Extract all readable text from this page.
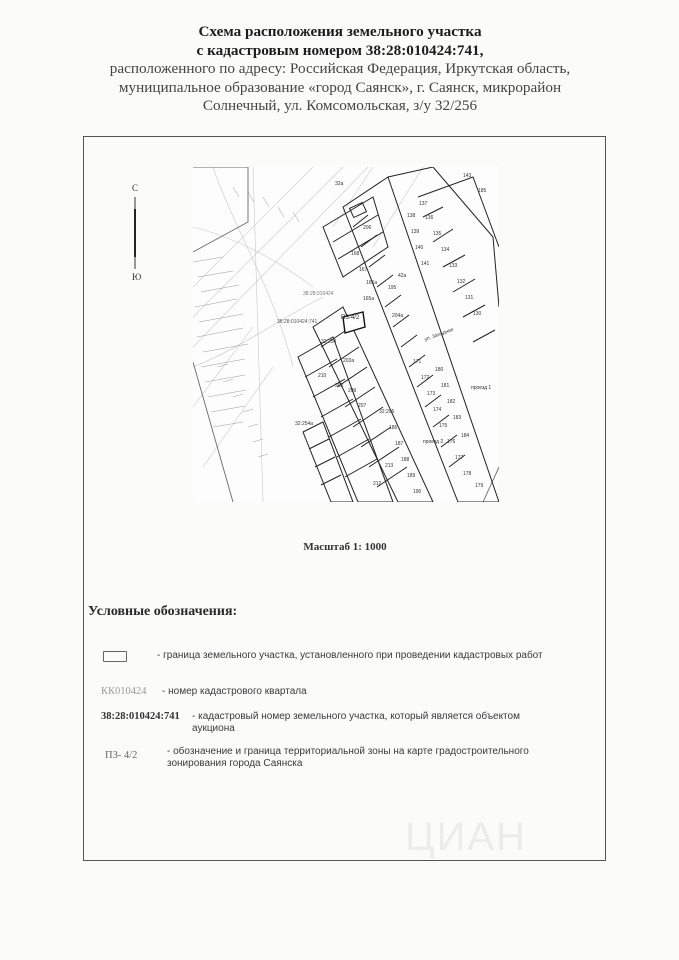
Схема расположения земельного участка
с кадастровым номером 38:28:010424:741,
расположенного по адресу: Российская Федерация, Иркутская область,
муниципальное образование «город Саянск», г. Саянск, микрорайон
Солнечный, ул. Комсомольская, з/у 32/256
С
Ю
32a
206
168
167
42a
195
166a
165a
204a
210
202
203a
209
207
213
212
171
172
173
174
175
176
177
178
179
184
183
182
181
180
130
131
132
133
134
135
136
137
138
139
140
141
143
185
186
187
188
189
190
32:206
32:254
32:254a
38:28:010424
38:28:010424:741
ПЗ-4/2
ул. Западная
проезд 1
проезд 2
Масштаб 1: 1000
Условные обозначения:
- граница земельного участка, установленного при проведении кадастровых работ
КК010424 - номер кадастрового квартала
38:28:010424:741 - кадастровый номер земельного участка, который является объектом аукциона
ПЗ- 4/2	- обозначение и граница территориальной зоны на карте градостроительного зонирования города Саянска
ЦИАН
